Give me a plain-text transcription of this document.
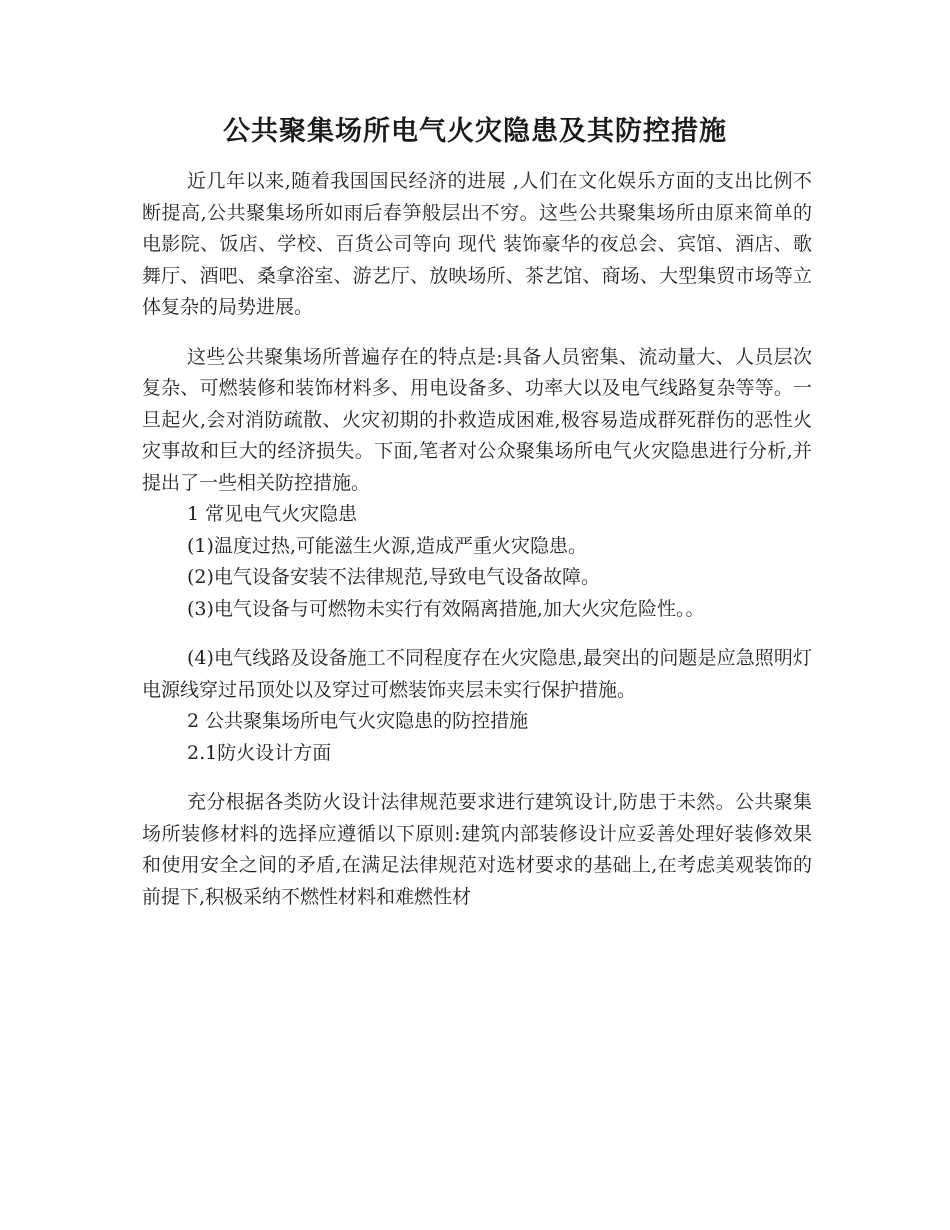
公共聚集场所电气火灾隐患及其防控措施

近几年以来,随着我国国民经济的进展 ,人们在文化娱乐方面的支出比例不断提高,公共聚集场所如雨后春笋般层出不穷。这些公共聚集场所由原来简单的电影院、饭店、学校、百货公司等向 现代 装饰豪华的夜总会、宾馆、酒店、歌舞厅、酒吧、桑拿浴室、游艺厅、放映场所、茶艺馆、商场、大型集贸市场等立体复杂的局势进展。

这些公共聚集场所普遍存在的特点是:具备人员密集、流动量大、人员层次复杂、可燃装修和装饰材料多、用电设备多、功率大以及电气线路复杂等等。一旦起火,会对消防疏散、火灾初期的扑救造成困难,极容易造成群死群伤的恶性火灾事故和巨大的经济损失。下面,笔者对公众聚集场所电气火灾隐患进行分析,并提出了一些相关防控措施。

1 常见电气火灾隐患

(1)温度过热,可能滋生火源,造成严重火灾隐患。

(2)电气设备安装不法律规范,导致电气设备故障。

(3)电气设备与可燃物未实行有效隔离措施,加大火灾危险性。。

(4)电气线路及设备施工不同程度存在火灾隐患,最突出的问题是应急照明灯电源线穿过吊顶处以及穿过可燃装饰夹层未实行保护措施。

2 公共聚集场所电气火灾隐患的防控措施

2.1防火设计方面

充分根据各类防火设计法律规范要求进行建筑设计,防患于未然。公共聚集场所装修材料的选择应遵循以下原则:建筑内部装修设计应妥善处理好装修效果和使用安全之间的矛盾,在满足法律规范对选材要求的基础上,在考虑美观装饰的前提下,积极采纳不燃性材料和难燃性材
